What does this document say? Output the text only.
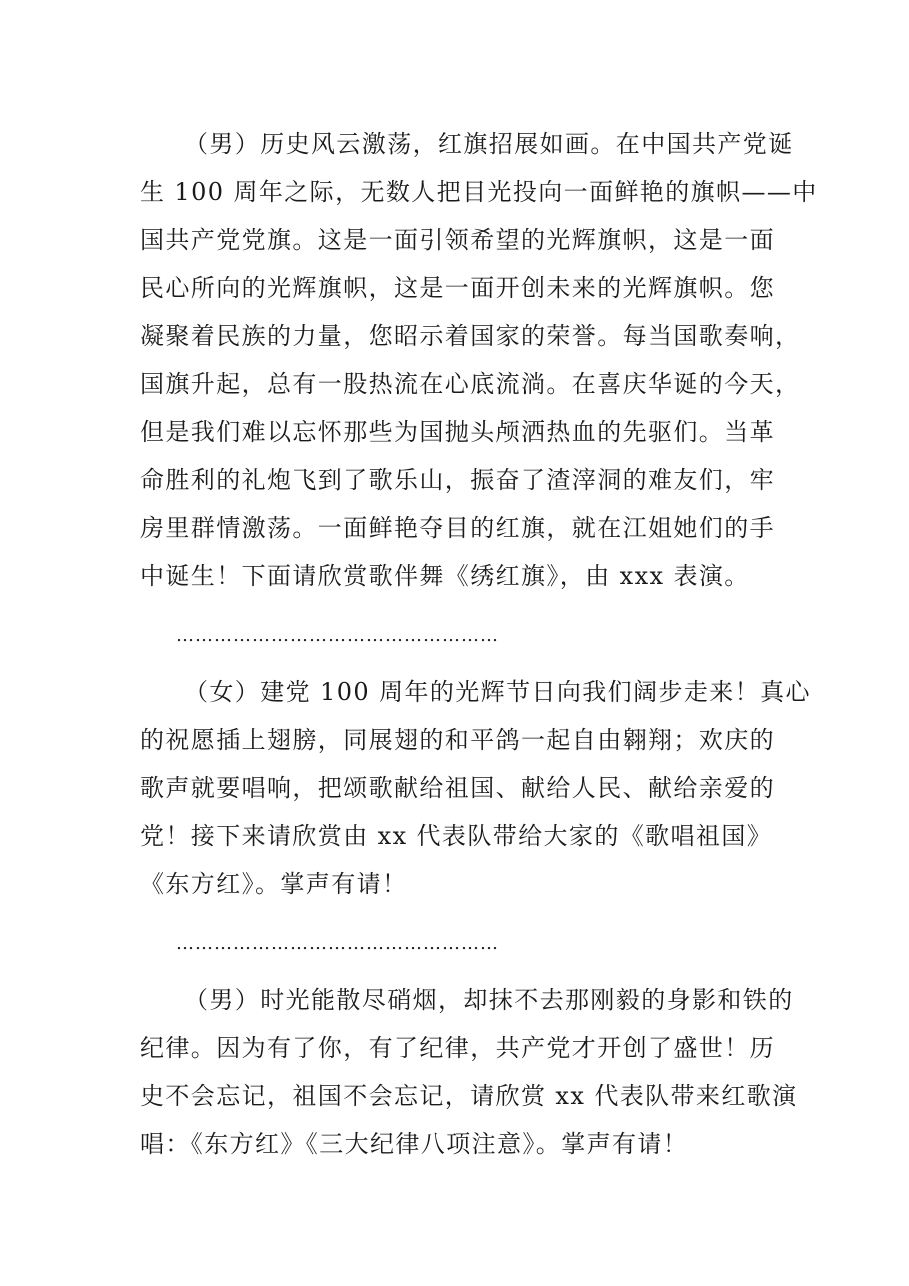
（男）历史风云激荡，红旗招展如画。在中国共产党诞
生 100 周年之际，无数人把目光投向一面鲜艳的旗帜——中
国共产党党旗。这是一面引领希望的光辉旗帜，这是一面
民心所向的光辉旗帜，这是一面开创未来的光辉旗帜。您
凝聚着民族的力量，您昭示着国家的荣誉。每当国歌奏响，
国旗升起，总有一股热流在心底流淌。在喜庆华诞的今天，
但是我们难以忘怀那些为国抛头颅洒热血的先驱们。当革
命胜利的礼炮飞到了歌乐山，振奋了渣滓洞的难友们，牢
房里群情激荡。一面鲜艳夺目的红旗，就在江姐她们的手
中诞生！下面请欣赏歌伴舞《绣红旗》，由 xxx 表演。
……………………………………………
（女）建党 100 周年的光辉节日向我们阔步走来！真心
的祝愿插上翅膀，同展翅的和平鸽一起自由翱翔；欢庆的
歌声就要唱响，把颂歌献给祖国、献给人民、献给亲爱的
党！接下来请欣赏由 xx 代表队带给大家的《歌唱祖国》
《东方红》。掌声有请！
……………………………………………
（男）时光能散尽硝烟，却抹不去那刚毅的身影和铁的
纪律。因为有了你，有了纪律，共产党才开创了盛世！历
史不会忘记，祖国不会忘记，请欣赏 xx 代表队带来红歌演
唱：《东方红》《三大纪律八项注意》。掌声有请！
